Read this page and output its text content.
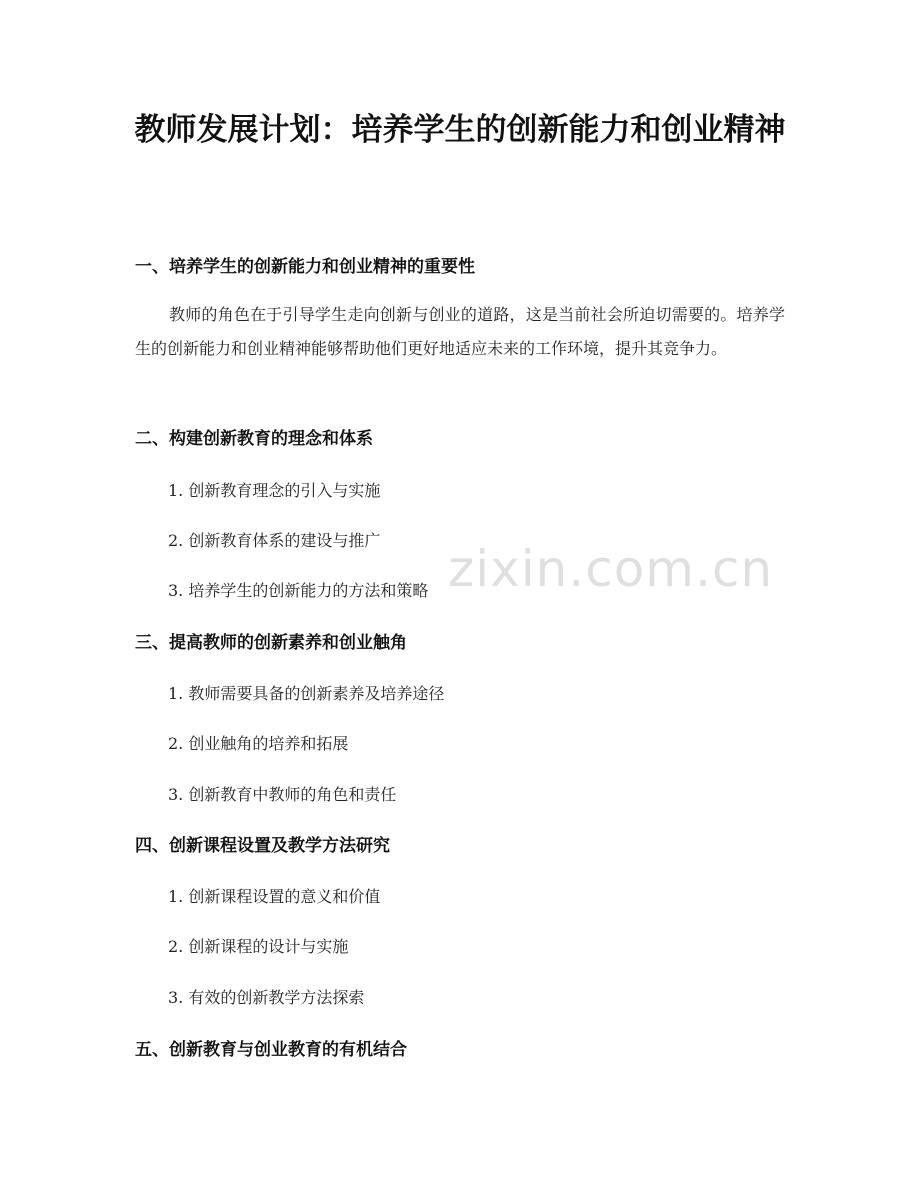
教师发展计划：培养学生的创新能力和创业精神
一、培养学生的创新能力和创业精神的重要性

教师的角色在于引导学生走向创新与创业的道路，这是当前社会所迫切需要的。培养学生的创新能力和创业精神能够帮助他们更好地适应未来的工作环境，提升其竞争力。

二、构建创新教育的理念和体系

1. 创新教育理念的引入与实施

2. 创新教育体系的建设与推广

3. 培养学生的创新能力的方法和策略

三、提高教师的创新素养和创业触角

1. 教师需要具备的创新素养及培养途径

2. 创业触角的培养和拓展

3. 创新教育中教师的角色和责任

四、创新课程设置及教学方法研究

1. 创新课程设置的意义和价值

2. 创新课程的设计与实施

3. 有效的创新教学方法探索

五、创新教育与创业教育的有机结合
zixin.com.cn
